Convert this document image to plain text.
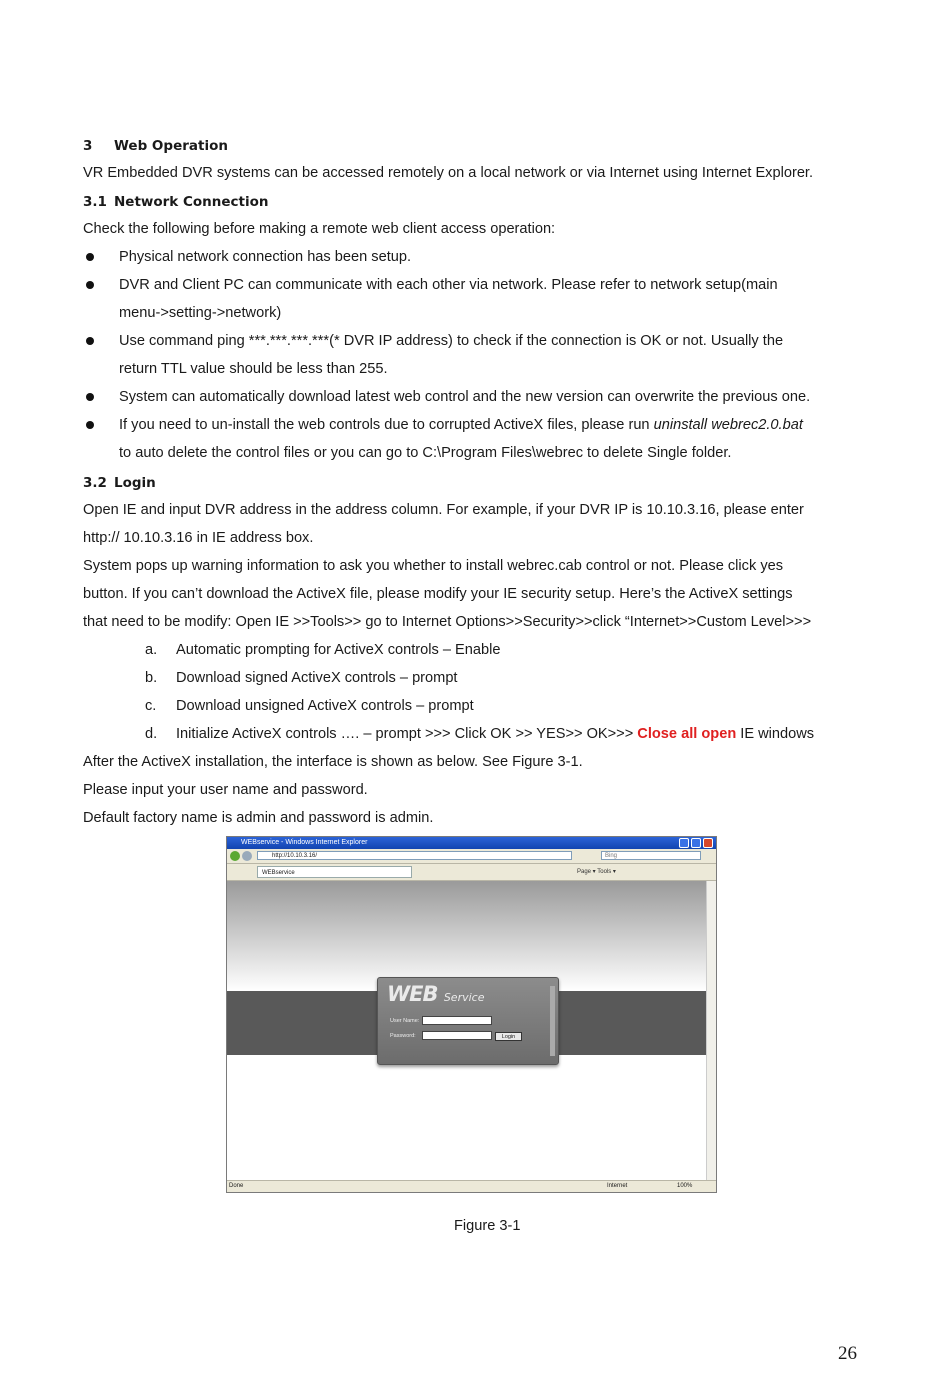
3 Web Operation
VR Embedded DVR systems can be accessed remotely on a local network or via Internet using Internet Explorer.
3.1 Network Connection
Check the following before making a remote web client access operation:
Physical network connection has been setup.
DVR and Client PC can communicate with each other via network. Please refer to network setup(main
menu->setting->network)
Use command ping ***.***.***.***(* DVR IP address) to check if the connection is OK or not. Usually the
return TTL value should be less than 255.
System can automatically download latest web control and the new version can overwrite the previous one.
If you need to un-install the web controls due to corrupted ActiveX files, please run uninstall webrec2.0.bat
to auto delete the control files or you can go to C:\Program Files\webrec to delete Single folder.
3.2 Login
Open IE and input DVR address in the address column. For example, if your DVR IP is 10.10.3.16, please enter
http:// 10.10.3.16 in IE address box.
System pops up warning information to ask you whether to install webrec.cab control or not. Please click yes
button. If you can’t download the ActiveX file, please modify your IE security setup. Here’s the ActiveX settings
that need to be modify: Open IE >>Tools>> go to Internet Options>>Security>>click “Internet>>Custom Level>>>
a. Automatic prompting for ActiveX controls – Enable
b. Download signed ActiveX controls – prompt
c. Download unsigned ActiveX controls – prompt
d. Initialize ActiveX controls …. – prompt >>> Click OK >> YES>> OK>>> Close all open IE windows
After the ActiveX installation, the interface is shown as below. See Figure 3-1.
Please input your user name and password.
Default factory name is admin and password is admin.
WEBservice - Windows Internet Explorer
http://10.10.3.16/	Bing
WEBservice	Page ▾ Tools ▾
WEB Service
User Name:
Password:	Login
Done	Internet	100%
Figure 3-1
26
